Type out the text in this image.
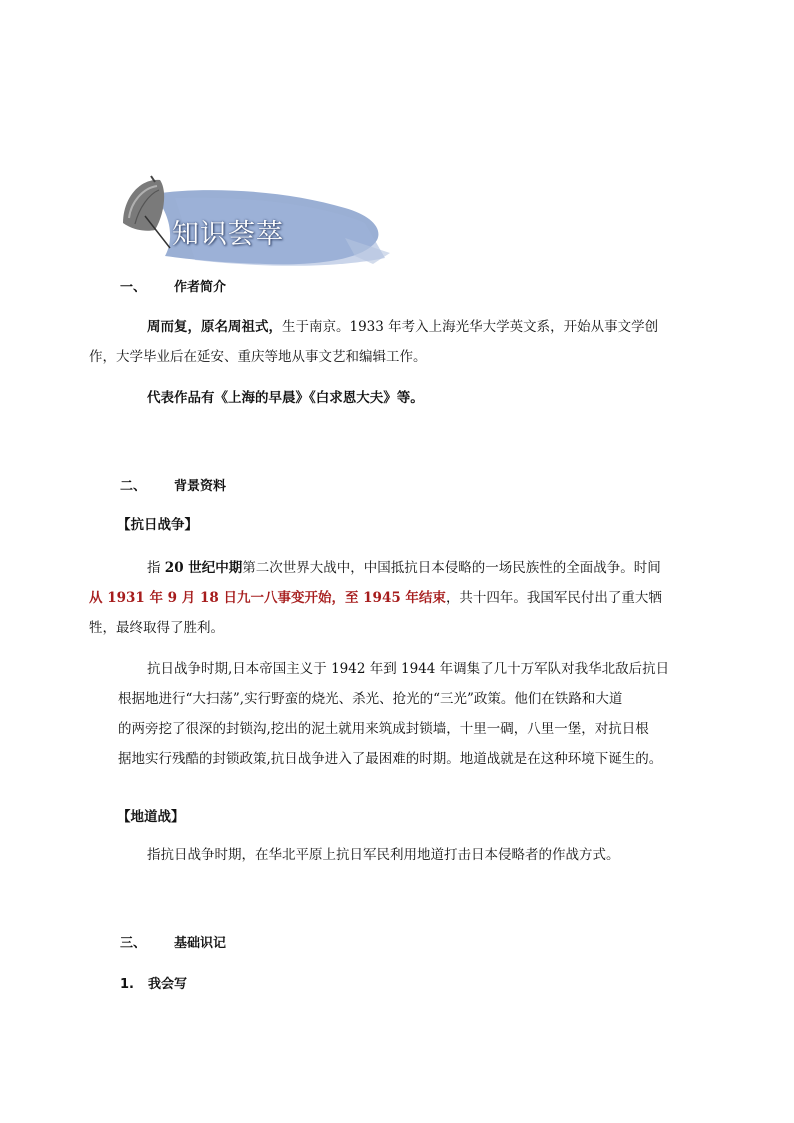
知识荟萃
一、 作者简介
周而复，原名周祖式，生于南京。1933 年考入上海光华大学英文系，开始从事文学创
作，大学毕业后在延安、重庆等地从事文艺和编辑工作。
代表作品有《上海的早晨》《白求恩大夫》等。
二、 背景资料
【抗日战争】
指 20 世纪中期第二次世界大战中，中国抵抗日本侵略的一场民族性的全面战争。时间
从 1931 年 9 月 18 日九一八事变开始，至 1945 年结束，共十四年。我国军民付出了重大牺
牲，最终取得了胜利。
抗日战争时期,日本帝国主义于 1942 年到 1944 年调集了几十万军队对我华北敌后抗日
根据地进行“大扫荡”,实行野蛮的烧光、杀光、抢光的“三光”政策。他们在铁路和大道
的两旁挖了很深的封锁沟,挖出的泥土就用来筑成封锁墙，十里一碉，八里一堡，对抗日根
据地实行残酷的封锁政策,抗日战争进入了最困难的时期。地道战就是在这种环境下诞生的。
【地道战】
指抗日战争时期，在华北平原上抗日军民利用地道打击日本侵略者的作战方式。
三、 基础识记
1. 我会写
